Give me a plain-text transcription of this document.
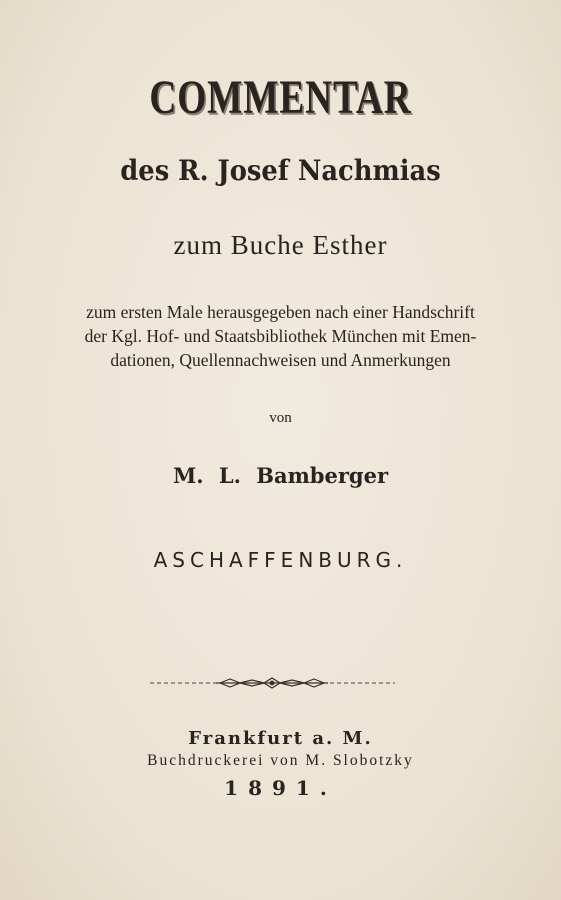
COMMENTAR
des R. Josef Nachmias
zum Buche Esther
zum ersten Male herausgegeben nach einer Handschrift
der Kgl. Hof- und Staatsbibliothek München mit Emen-
dationen, Quellennachweisen und Anmerkungen
von
M. L. Bamberger
ASCHAFFENBURG.
Frankfurt a. M.
Buchdruckerei von M. Slobotzky
1891.
